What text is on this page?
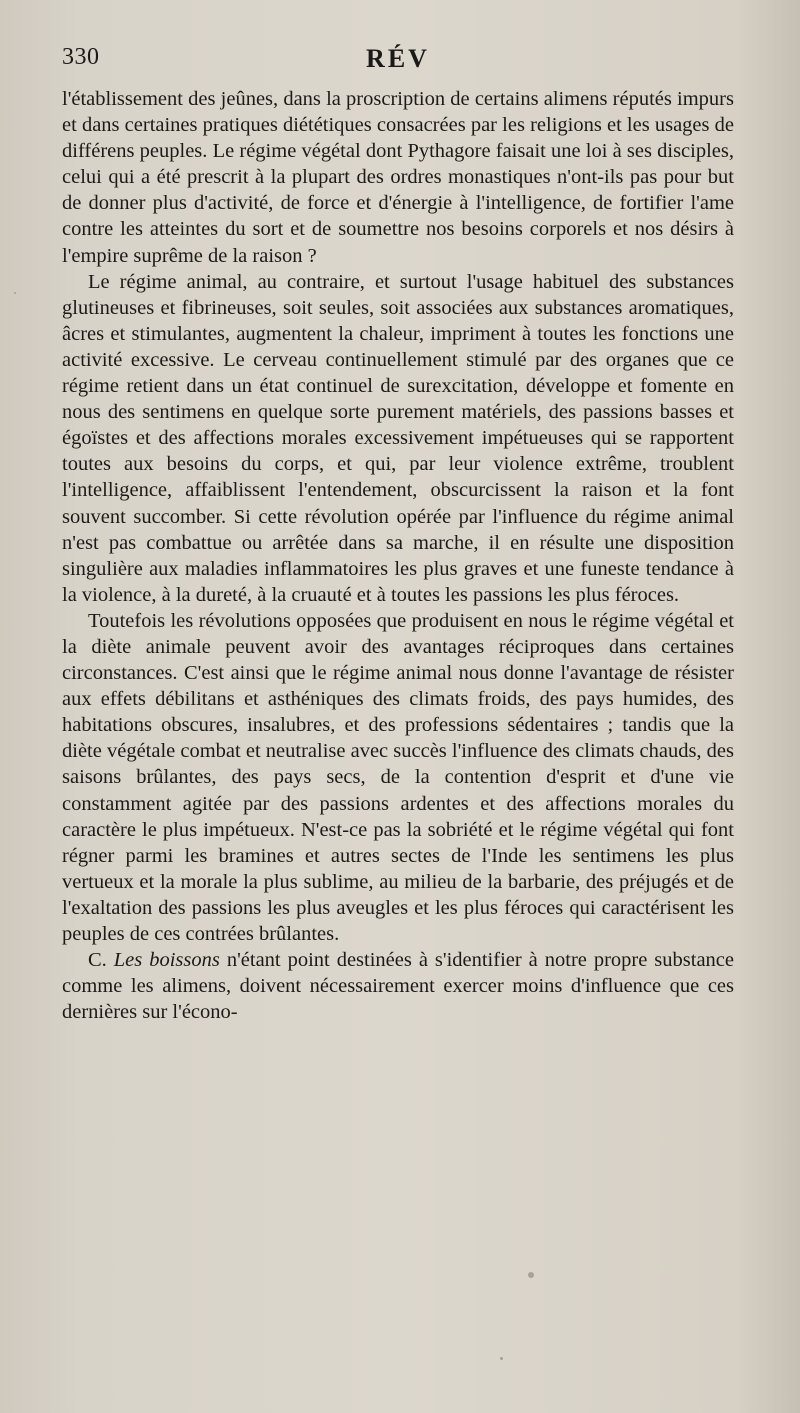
330	RÉV

l'établissement des jeûnes, dans la proscription de certains alimens réputés impurs et dans certaines pratiques diététiques consacrées par les religions et les usages de différens peuples. Le régime végétal dont Pythagore faisait une loi à ses disciples, celui qui a été prescrit à la plupart des ordres monastiques n'ont-ils pas pour but de donner plus d'activité, de force et d'énergie à l'intelligence, de fortifier l'ame contre les atteintes du sort et de soumettre nos besoins corporels et nos désirs à l'empire suprême de la raison ?

Le régime animal, au contraire, et surtout l'usage habituel des substances glutineuses et fibrineuses, soit seules, soit associées aux substances aromatiques, âcres et stimulantes, augmentent la chaleur, impriment à toutes les fonctions une activité excessive. Le cerveau continuellement stimulé par des organes que ce régime retient dans un état continuel de surexcitation, développe et fomente en nous des sentimens en quelque sorte purement matériels, des passions basses et égoïstes et des affections morales excessivement impétueuses qui se rapportent toutes aux besoins du corps, et qui, par leur violence extrême, troublent l'intelligence, affaiblissent l'entendement, obscurcissent la raison et la font souvent succomber. Si cette révolution opérée par l'influence du régime animal n'est pas combattue ou arrêtée dans sa marche, il en résulte une disposition singulière aux maladies inflammatoires les plus graves et une funeste tendance à la violence, à la dureté, à la cruauté et à toutes les passions les plus féroces.

Toutefois les révolutions opposées que produisent en nous le régime végétal et la diète animale peuvent avoir des avantages réciproques dans certaines circonstances. C'est ainsi que le régime animal nous donne l'avantage de résister aux effets débilitans et asthéniques des climats froids, des pays humides, des habitations obscures, insalubres, et des professions sédentaires ; tandis que la diète végétale combat et neutralise avec succès l'influence des climats chauds, des saisons brûlantes, des pays secs, de la contention d'esprit et d'une vie constamment agitée par des passions ardentes et des affections morales du caractère le plus impétueux. N'est-ce pas la sobriété et le régime végétal qui font régner parmi les bramines et autres sectes de l'Inde les sentimens les plus vertueux et la morale la plus sublime, au milieu de la barbarie, des préjugés et de l'exaltation des passions les plus aveugles et les plus féroces qui caractérisent les peuples de ces contrées brûlantes.

C. Les boissons n'étant point destinées à s'identifier à notre propre substance comme les alimens, doivent nécessairement exercer moins d'influence que ces dernières sur l'écono-
